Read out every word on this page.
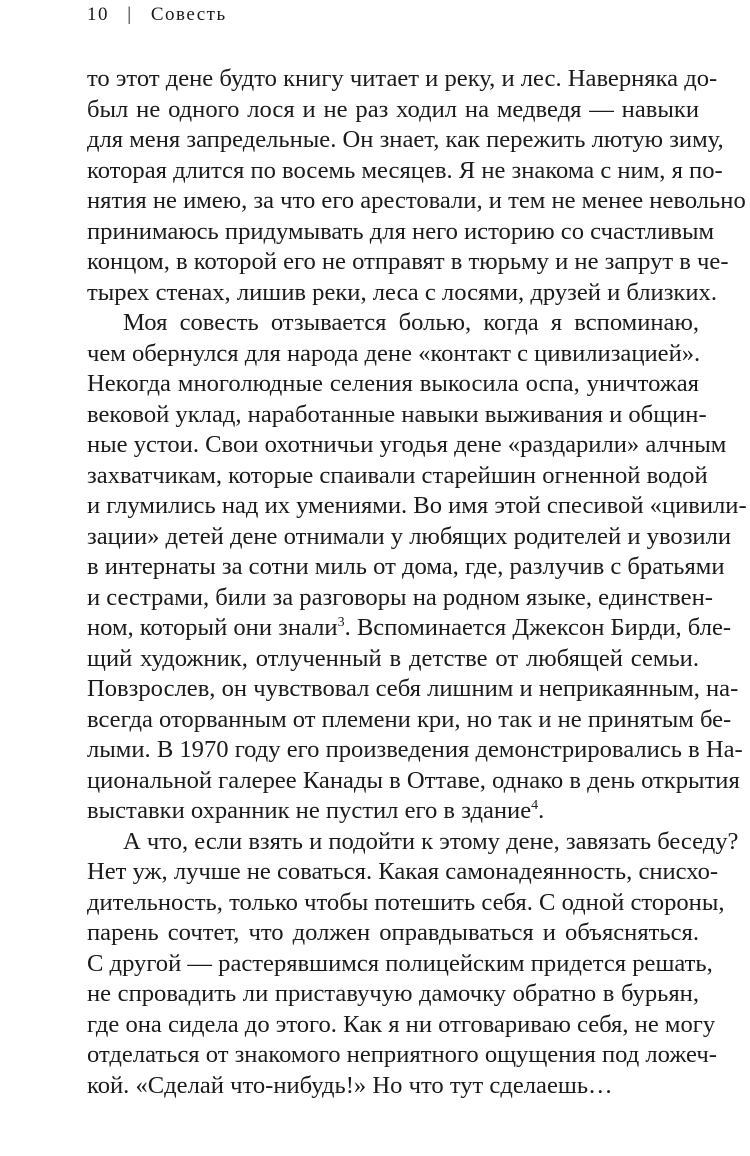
10 | Совесть
то этот дене будто книгу читает и реку, и лес. Наверняка до-
был не одного лося и не раз ходил на медведя — навыки
для меня запредельные. Он знает, как пережить лютую зиму,
которая длится по восемь месяцев. Я не знакома с ним, я по-
нятия не имею, за что его арестовали, и тем не менее невольно
принимаюсь придумывать для него историю со счастливым
концом, в которой его не отправят в тюрьму и не запрут в че-
тырех стенах, лишив реки, леса с лосями, друзей и близких.
Моя совесть отзывается болью, когда я вспоминаю,
чем обернулся для народа дене «контакт с цивилизацией».
Некогда многолюдные селения выкосила оспа, уничтожая
вековой уклад, наработанные навыки выживания и общин-
ные устои. Свои охотничьи угодья дене «раздарили» алчным
захватчикам, которые спаивали старейшин огненной водой
и глумились над их умениями. Во имя этой спесивой «цивили-
зации» детей дене отнимали у любящих родителей и увозили
в интернаты за сотни миль от дома, где, разлучив с братьями
и сестрами, били за разговоры на родном языке, единствен-
ном, который они знали$^3$. Вспоминается Джексон Бирди, бле-
щий художник, отлученный в детстве от любящей семьи.
Повзрослев, он чувствовал себя лишним и неприкаянным, на-
всегда оторванным от племени кри, но так и не принятым бе-
лыми. В 1970 году его произведения демонстрировались в На-
циональной галерее Канады в Оттаве, однако в день открытия
выставки охранник не пустил его в здание$^4$.
А что, если взять и подойти к этому дене, завязать беседу?
Нет уж, лучше не соваться. Какая самонадеянность, снисхо-
дительность, только чтобы потешить себя. С одной стороны,
парень сочтет, что должен оправдываться и объясняться.
С другой — растерявшимся полицейским придется решать,
не спровадить ли приставучую дамочку обратно в бурьян,
где она сидела до этого. Как я ни отговариваю себя, не могу
отделаться от знакомого неприятного ощущения под ложеч-
кой. «Сделай что-нибудь!» Но что тут сделаешь…
